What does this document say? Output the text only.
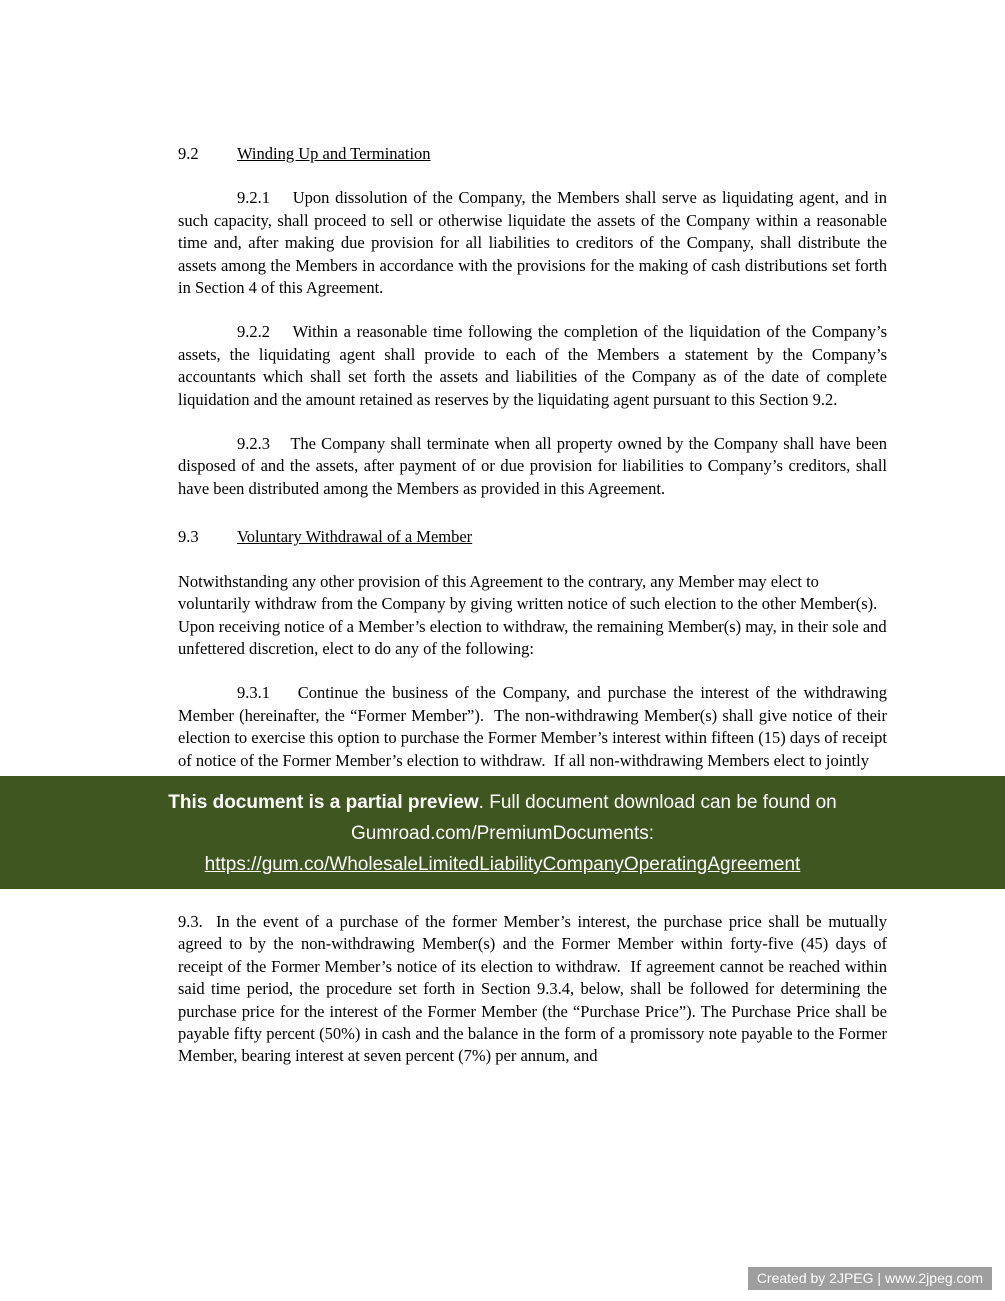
9.2 Winding Up and Termination

9.2.1    Upon dissolution of the Company, the Members shall serve as liquidating agent, and in such capacity, shall proceed to sell or otherwise liquidate the assets of the Company within a reasonable time and, after making due provision for all liabilities to creditors of the Company, shall distribute the assets among the Members in accordance with the provisions for the making of cash distributions set forth in Section 4 of this Agreement.

9.2.2    Within a reasonable time following the completion of the liquidation of the Company’s assets, the liquidating agent shall provide to each of the Members a statement by the Company’s accountants which shall set forth the assets and liabilities of the Company as of the date of complete liquidation and the amount retained as reserves by the liquidating agent pursuant to this Section 9.2.

9.2.3    The Company shall terminate when all property owned by the Company shall have been disposed of and the assets, after payment of or due provision for liabilities to Company’s creditors, shall have been distributed among the Members as provided in this Agreement.

9.3 Voluntary Withdrawal of a Member

Notwithstanding any other provision of this Agreement to the contrary, any Member may elect to voluntarily withdraw from the Company by giving written notice of such election to the other Member(s).  Upon receiving notice of a Member’s election to withdraw, the remaining Member(s) may, in their sole and unfettered discretion, elect to do any of the following:

9.3.1    Continue the business of the Company, and purchase the interest of the withdrawing Member (hereinafter, the “Former Member”).  The non-withdrawing Member(s) shall give notice of their election to exercise this option to purchase the Former Member’s interest within fifteen (15) days of receipt of notice of the Former Member’s election to withdraw.  If all non-withdrawing Members elect to jointly

This document is a partial preview. Full document download can be found on
Gumroad.com/PremiumDocuments:
https://gum.co/WholesaleLimitedLiabilityCompanyOperatingAgreement

9.3.  In the event of a purchase of the former Member’s interest, the purchase price shall be mutually agreed to by the non-withdrawing Member(s) and the Former Member within forty-five (45) days of receipt of the Former Member’s notice of its election to withdraw.  If agreement cannot be reached within said time period, the procedure set forth in Section 9.3.4, below, shall be followed for determining the purchase price for the interest of the Former Member (the “Purchase Price”). The Purchase Price shall be payable fifty percent (50%) in cash and the balance in the form of a promissory note payable to the Former Member, bearing interest at seven percent (7%) per annum, and

Created by 2JPEG | www.2jpeg.com
